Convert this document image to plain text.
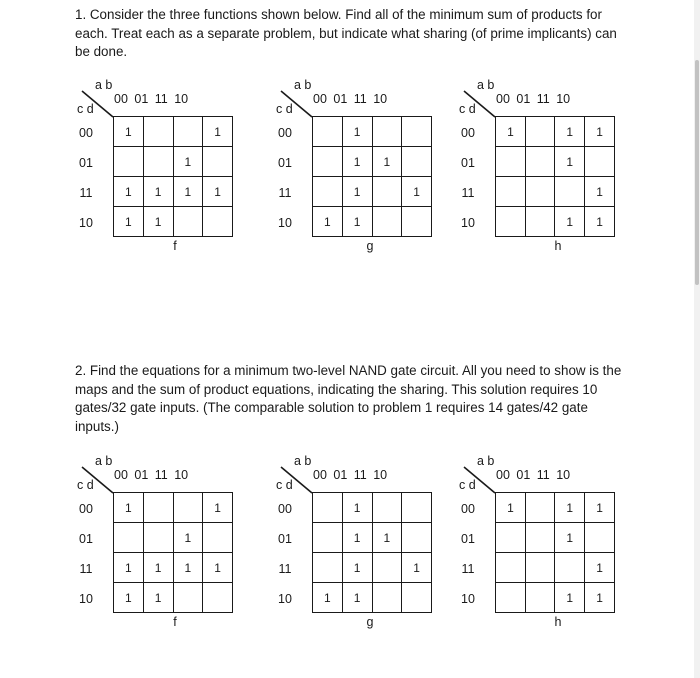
1. Consider the three functions shown below. Find all of the minimum sum of products for each. Treat each as a separate problem, but indicate what sharing (of prime implicants) can be done.

a b
c d
00 01 11 10
00
01
11
10
1			1
		1	
1	1	1	1
1	1		
f
a b
c d
00 01 11 10
00
01
11
10
	1		
	1	1	
	1		1
1	1		
g
a b
c d
00 01 11 10
00
01
11
10
1		1	1
		1	
			1
		1	1
h

2. Find the equations for a minimum two-level NAND gate circuit. All you need to show is the maps and the sum of product equations, indicating the sharing. This solution requires 10 gates/32 gate inputs. (The comparable solution to problem 1 requires 14 gates/42 gate inputs.)

a b
c d
00 01 11 10
00
01
11
10
1			1
		1	
1	1	1	1
1	1		
f
a b
c d
00 01 11 10
00
01
11
10
	1		
	1	1	
	1		1
1	1		
g
a b
c d
00 01 11 10
00
01
11
10
1		1	1
		1	
			1
		1	1
h
